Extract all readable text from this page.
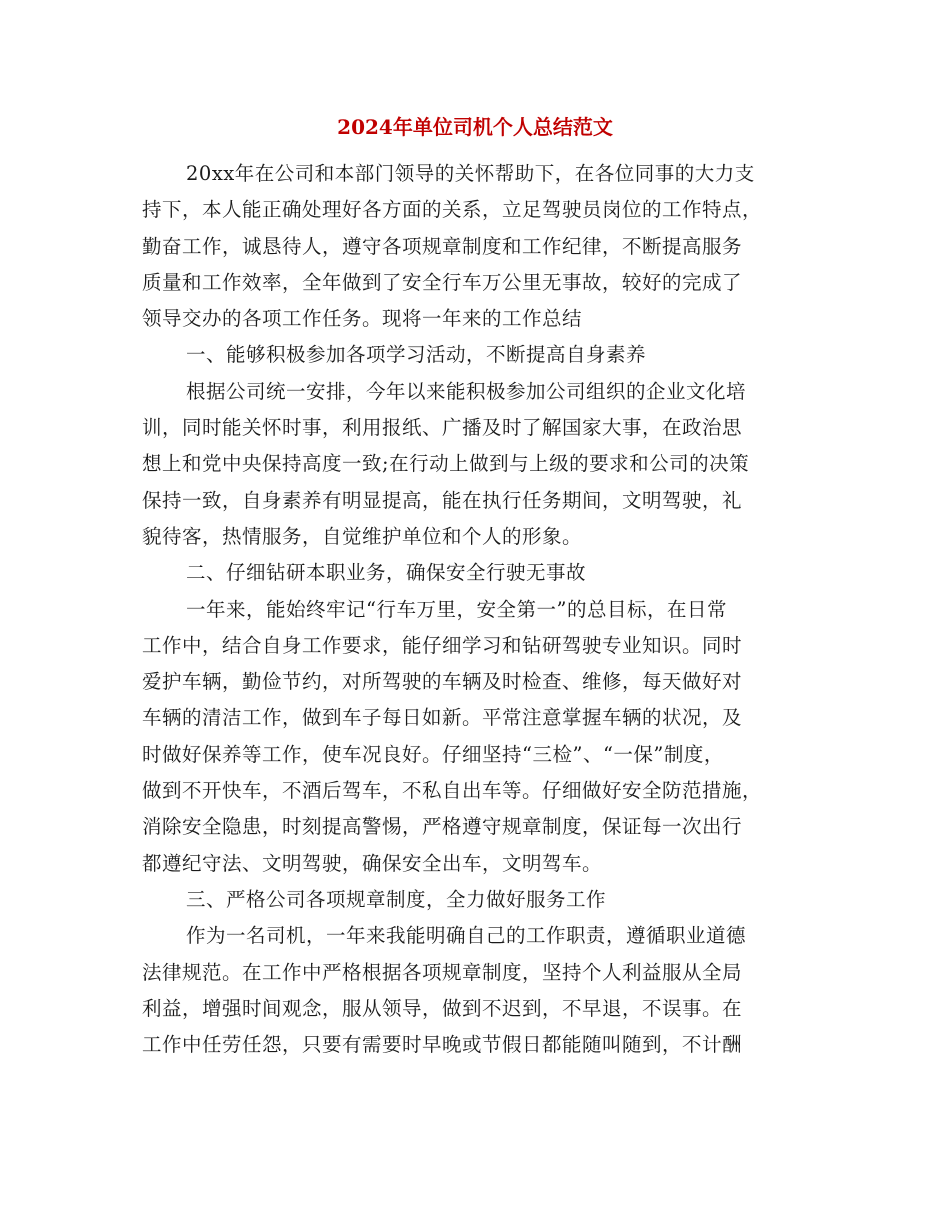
2024年单位司机个人总结范文
20xx年在公司和本部门领导的关怀帮助下，在各位同事的大力支
持下，本人能正确处理好各方面的关系，立足驾驶员岗位的工作特点，
勤奋工作，诚恳待人，遵守各项规章制度和工作纪律，不断提高服务
质量和工作效率，全年做到了安全行车万公里无事故，较好的完成了
领导交办的各项工作任务。现将一年来的工作总结
一、能够积极参加各项学习活动，不断提高自身素养
根据公司统一安排，今年以来能积极参加公司组织的企业文化培
训，同时能关怀时事，利用报纸、广播及时了解国家大事，在政治思
想上和党中央保持高度一致;在行动上做到与上级的要求和公司的决策
保持一致，自身素养有明显提高，能在执行任务期间，文明驾驶，礼
貌待客，热情服务，自觉维护单位和个人的形象。
二、仔细钻研本职业务，确保安全行驶无事故
一年来，能始终牢记“行车万里，安全第一”的总目标，在日常
工作中，结合自身工作要求，能仔细学习和钻研驾驶专业知识。同时
爱护车辆，勤俭节约，对所驾驶的车辆及时检查、维修，每天做好对
车辆的清洁工作，做到车子每日如新。平常注意掌握车辆的状况，及
时做好保养等工作，使车况良好。仔细坚持“三检”、“一保”制度，
做到不开快车，不酒后驾车，不私自出车等。仔细做好安全防范措施，
消除安全隐患，时刻提高警惕，严格遵守规章制度，保证每一次出行
都遵纪守法、文明驾驶，确保安全出车，文明驾车。
三、严格公司各项规章制度，全力做好服务工作
作为一名司机，一年来我能明确自己的工作职责，遵循职业道德
法律规范。在工作中严格根据各项规章制度，坚持个人利益服从全局
利益，增强时间观念，服从领导，做到不迟到，不早退，不误事。在
工作中任劳任怨，只要有需要时早晚或节假日都能随叫随到，不计酬
